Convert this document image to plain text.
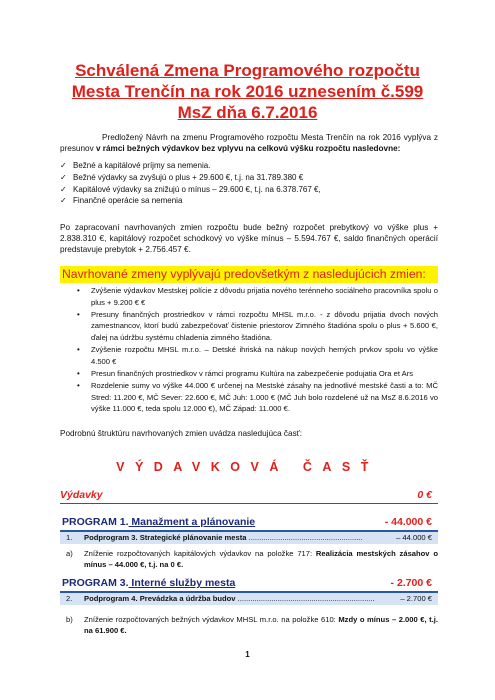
Schválená Zmena Programového rozpočtu
Mesta Trenčín na rok 2016 uznesením č.599
MsZ dňa 6.7.2016
Predložený Návrh na zmenu Programového rozpočtu Mesta Trenčín na rok 2016 vyplýva z presunov v rámci bežných výdavkov bez vplyvu na celkovú výšku rozpočtu nasledovne:
✓ Bežné a kapitálové príjmy sa nemenia.
✓ Bežné výdavky sa zvyšujú o plus + 29.600 €, t.j. na 31.789.380 €
✓ Kapitálové výdavky sa znižujú o mínus – 29.600 €, t.j. na 6.378.767 €,
✓ Finančné operácie sa nemenia
Po zapracovaní navrhovaných zmien rozpočtu bude bežný rozpočet prebytkový vo výške plus + 2.838.310 €, kapitálový rozpočet schodkový vo výške mínus – 5.594.767 €, saldo finančných operácií predstavuje prebytok + 2.756.457 €.
Navrhované zmeny vyplývajú predovšetkým z nasledujúcich zmien:
• Zvýšenie výdavkov Mestskej polície z dôvodu prijatia nového terénneho sociálneho pracovníka spolu o plus + 9.200 € €
• Presuny finančných prostriedkov v rámci rozpočtu MHSL m.r.o. - z dôvodu prijatia dvoch nových zamestnancov, ktorí budú zabezpečovať čistenie priestorov Zimného štadióna spolu o plus + 5.600 €, ďalej na údržbu systému chladenia zimného štadióna.
• Zvýšenie rozpočtu MHSL m.r.o. – Detské ihriská na nákup nových herných prvkov spolu vo výške 4.500 €
• Presun finančných prostriedkov v rámci programu Kultúra na zabezpečenie podujatia Ora et Ars
• Rozdelenie sumy vo výške 44.000 € určenej na Mestské zásahy na jednotlivé mestské časti a to: MČ Stred: 11.200 €, MČ Sever: 22.600 €, MČ Juh: 1.000 € (MČ Juh bolo rozdelené už na MsZ 8.6.2016 vo výške 11.000 €, teda spolu 12.000 €), MČ Západ: 11.000 €.
Podrobnú štruktúru navrhovaných zmien uvádza nasledujúca časť:
VÝDAVKOVÁ ČASŤ
Výdavky	0 €
PROGRAM 1. Manažment a plánovanie	- 44.000 €
1. Podprogram 3. Strategické plánovanie mesta ......................................................	– 44.000 €
a) Zníženie rozpočtovaných kapitálových výdavkov na položke 717: Realizácia mestských zásahov o mínus – 44.000 €, t.j. na 0 €.
PROGRAM 3. Interné služby mesta	- 2.700 €
2. Podprogram 4. Prevádzka a údržba budov .................................................................	– 2.700 €
b) Zníženie rozpočtovaných bežných výdavkov MHSL m.r.o. na položke 610: Mzdy o mínus – 2.000 €, t.j. na 61.900 €.
1
